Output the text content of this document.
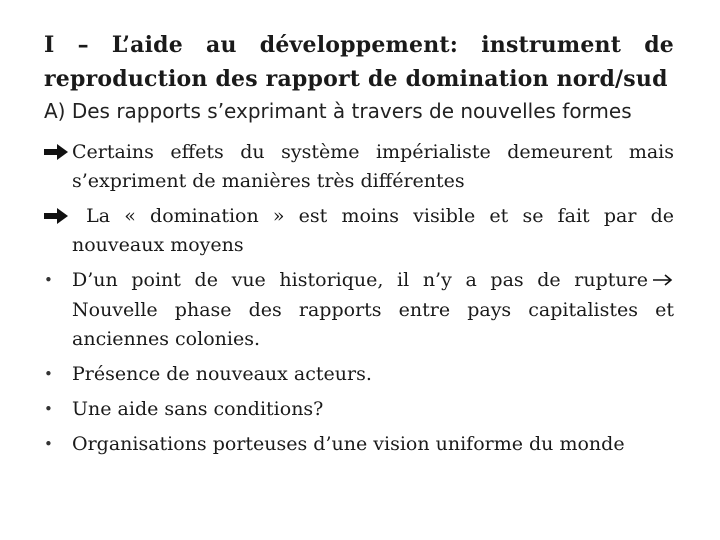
I – L’aide au développement: instrument de reproduction des rapport de domination nord/sud

A) Des rapports s’exprimant à travers de nouvelles formes

Certains effets du système impérialiste demeurent mais s’expriment de manières très différentes
La « domination » est moins visible et se fait par de nouveaux moyens
•	D’un point de vue historique, il n’y a pas de rupture Nouvelle phase des rapports entre pays capitalistes et anciennes colonies.
•	Présence de nouveaux acteurs.
•	Une aide sans conditions?
•	Organisations porteuses d’une vision uniforme du monde
